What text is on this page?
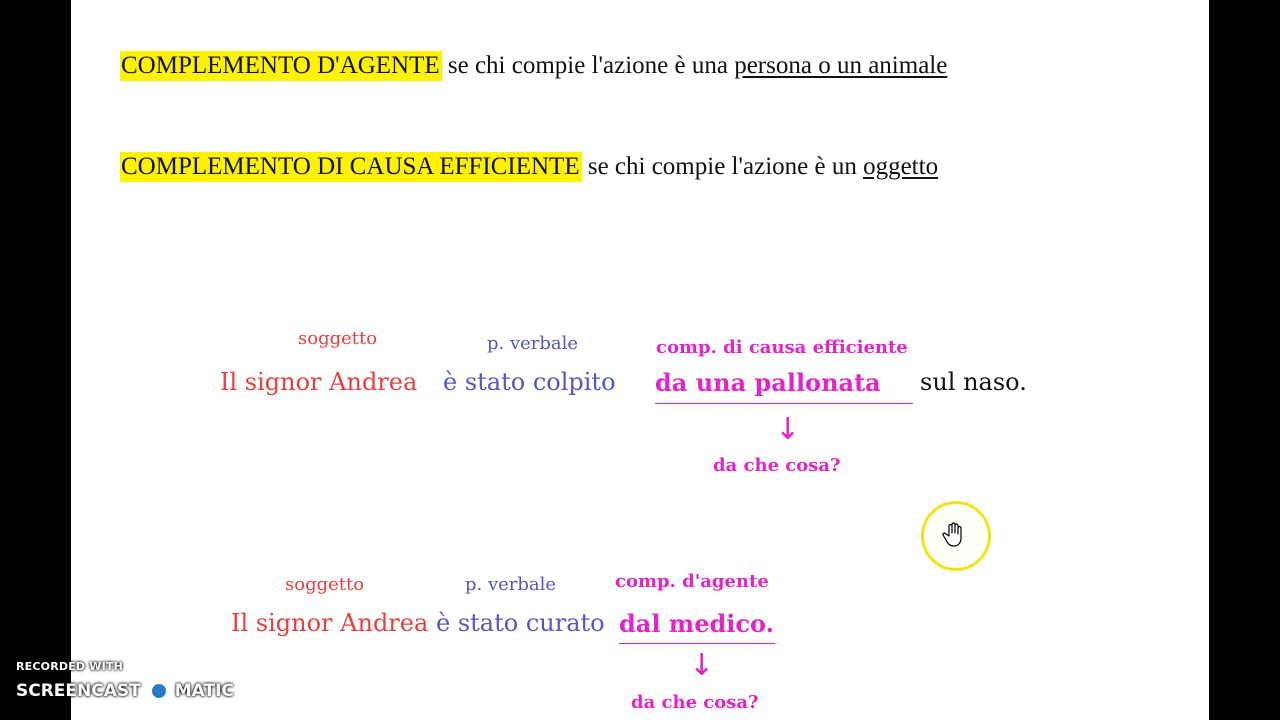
COMPLEMENTO D'AGENTE se chi compie l'azione è una persona o un animale
COMPLEMENTO DI CAUSA EFFICIENTE se chi compie l'azione è un oggetto
soggetto	p. verbale	comp. di causa efficiente
Il signor Andrea è stato colpito da una pallonata sul naso.
↓
da che cosa?
soggetto	p. verbale	comp. d'agente
Il signor Andrea è stato curato dal medico.
↓
da che cosa?
RECORDED WITH
SCREENCAST MATIC
